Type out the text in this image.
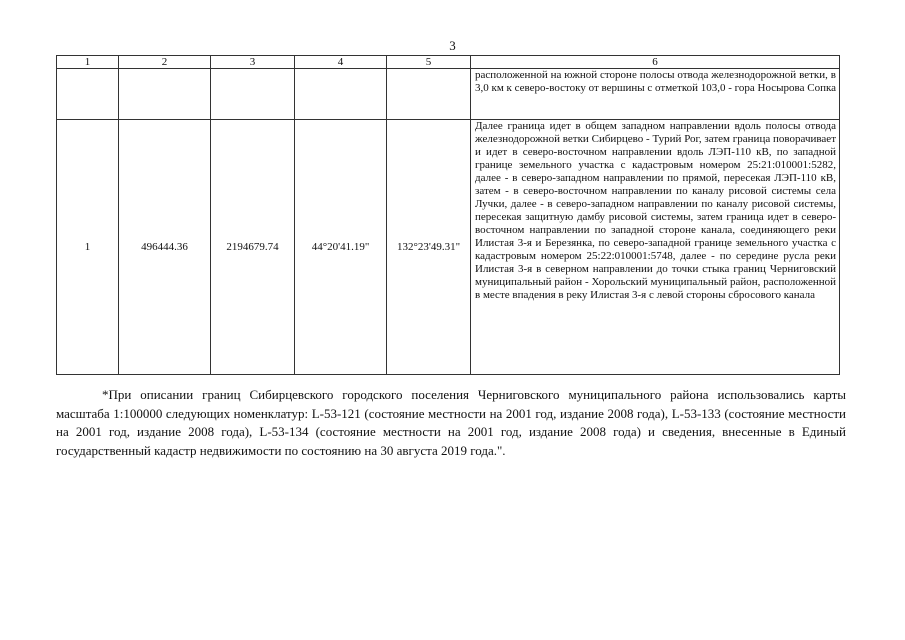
3
1	2	3	4	5	6
					расположенной на южной стороне полосы отвода железнодорожной ветки, в 3,0 км к северо-востоку от вершины с отметкой 103,0 - гора Носырова Сопка
1	496444.36	2194679.74	44°20'41.19"	132°23'49.31"	Далее граница идет в общем западном направлении вдоль полосы отвода железнодорожной ветки Сибирцево - Турий Рог, затем граница поворачивает и идет в северо-восточном направлении вдоль ЛЭП-110 кВ, по западной границе земельного участка с кадастровым номером 25:21:010001:5282, далее - в северо-западном направлении по прямой, пересекая ЛЭП-110 кВ, затем - в северо-восточном направлении по каналу рисовой системы села Лучки, далее - в северо-западном направлении по каналу рисовой системы, пересекая защитную дамбу рисовой системы, затем граница идет в северо-восточном направлении по западной стороне канала, соединяющего реки Илистая 3-я и Березянка, по северо-западной границе земельного участка с кадастровым номером 25:22:010001:5748, далее - по середине русла реки Илистая 3-я в северном направлении до точки стыка границ Черниговский муниципальный район - Хорольский муниципальный район, расположенной в месте впадения в реку Илистая 3-я с левой стороны сбросового канала

*При описании границ Сибирцевского городского поселения Черниговского муниципального района использовались карты масштаба 1:100000 следующих номенклатур: L-53-121 (состояние местности на 2001 год, издание 2008 года), L-53-133 (состояние местности на 2001 год, издание 2008 года), L-53-134 (состояние местности на 2001 год, издание 2008 года) и сведения, внесенные в Единый государственный кадастр недвижимости по состоянию на 30 августа 2019 года.".
